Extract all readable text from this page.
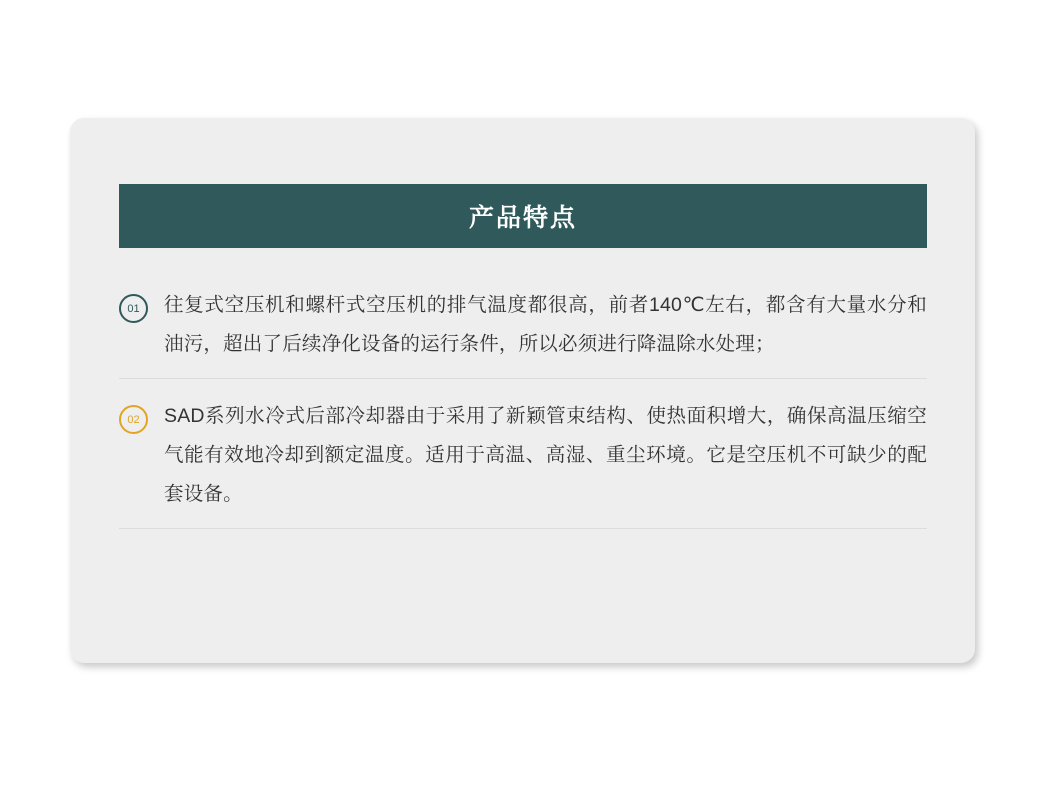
产品特点
01	往复式空压机和螺杆式空压机的排气温度都很高，前者140℃左右，都含有大量水分和油污，超出了后续净化设备的运行条件，所以必须进行降温除水处理；
02	SAD系列水冷式后部冷却器由于采用了新颖管束结构、使热面积增大，确保高温压缩空气能有效地冷却到额定温度。适用于高温、高湿、重尘环境。它是空压机不可缺少的配套设备。
